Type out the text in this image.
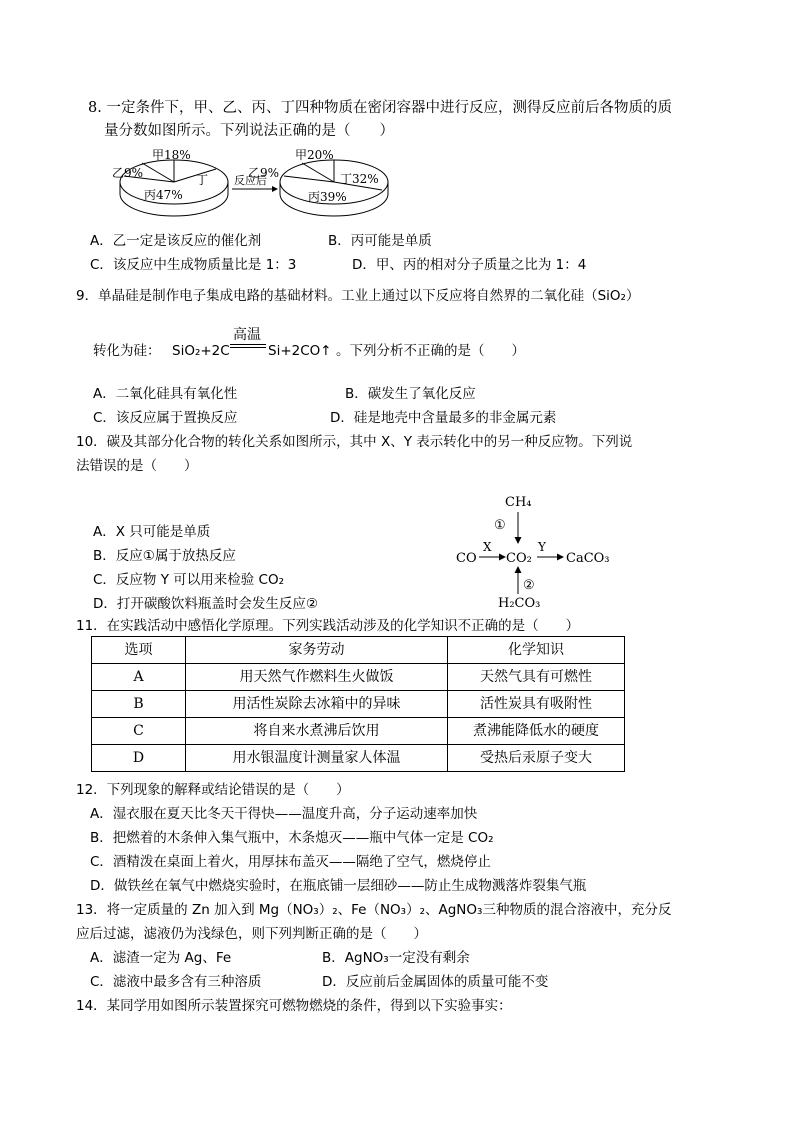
8. 一定条件下，甲、乙、丙、丁四种物质在密闭容器中进行反应，测得反应前后各物质的质
量分数如图所示。下列说法正确的是（　　）
甲18%
乙9%
丙47%
丁 反应后
甲20%
乙9%
丙39%
丁32%
A．乙一定是该反应的催化剂	B．丙可能是单质
C．该反应中生成物质量比是 1：3	D．甲、丙的相对分子质量之比为 1：4
9．单晶硅是制作电子集成电路的基础材料。工业上通过以下反应将自然界的二氧化硅（SiO₂）
转化为硅： SiO₂+2C
高温
Si+2CO↑ 。下列分析不正确的是（　　）
A．二氧化硅具有氧化性	B．碳发生了氧化反应
C．该反应属于置换反应	D．硅是地壳中含量最多的非金属元素
10．碳及其部分化合物的转化关系如图所示，其中 X、Y 表示转化中的另一种反应物。下列说
法错误的是（　　）
A．X 只可能是单质
B．反应①属于放热反应
C．反应物 Y 可以用来检验 CO₂
D．打开碳酸饮料瓶盖时会发生反应②
CH₄
①
CO
X
CO₂
Y
CaCO₃
②
H₂CO₃
11．在实践活动中感悟化学原理。下列实践活动涉及的化学知识不正确的是（　　）
选项	家务劳动	化学知识
A	用天然气作燃料生火做饭	天然气具有可燃性
B	用活性炭除去冰箱中的异味	活性炭具有吸附性
C	将自来水煮沸后饮用	煮沸能降低水的硬度
D	用水银温度计测量家人体温	受热后汞原子变大
12．下列现象的解释或结论错误的是（　　）
A．湿衣服在夏天比冬天干得快——温度升高，分子运动速率加快
B．把燃着的木条伸入集气瓶中，木条熄灭——瓶中气体一定是 CO₂
C．酒精泼在桌面上着火，用厚抹布盖灭——隔绝了空气，燃烧停止
D．做铁丝在氧气中燃烧实验时，在瓶底铺一层细砂——防止生成物溅落炸裂集气瓶
13．将一定质量的 Zn 加入到 Mg（NO₃）₂、Fe（NO₃）₂、AgNO₃三种物质的混合溶液中，充分反
应后过滤，滤液仍为浅绿色，则下列判断正确的是（　　）
A．滤渣一定为 Ag、Fe	B．AgNO₃一定没有剩余
C．滤液中最多含有三种溶质	D．反应前后金属固体的质量可能不变
14．某同学用如图所示装置探究可燃物燃烧的条件，得到以下实验事实：
